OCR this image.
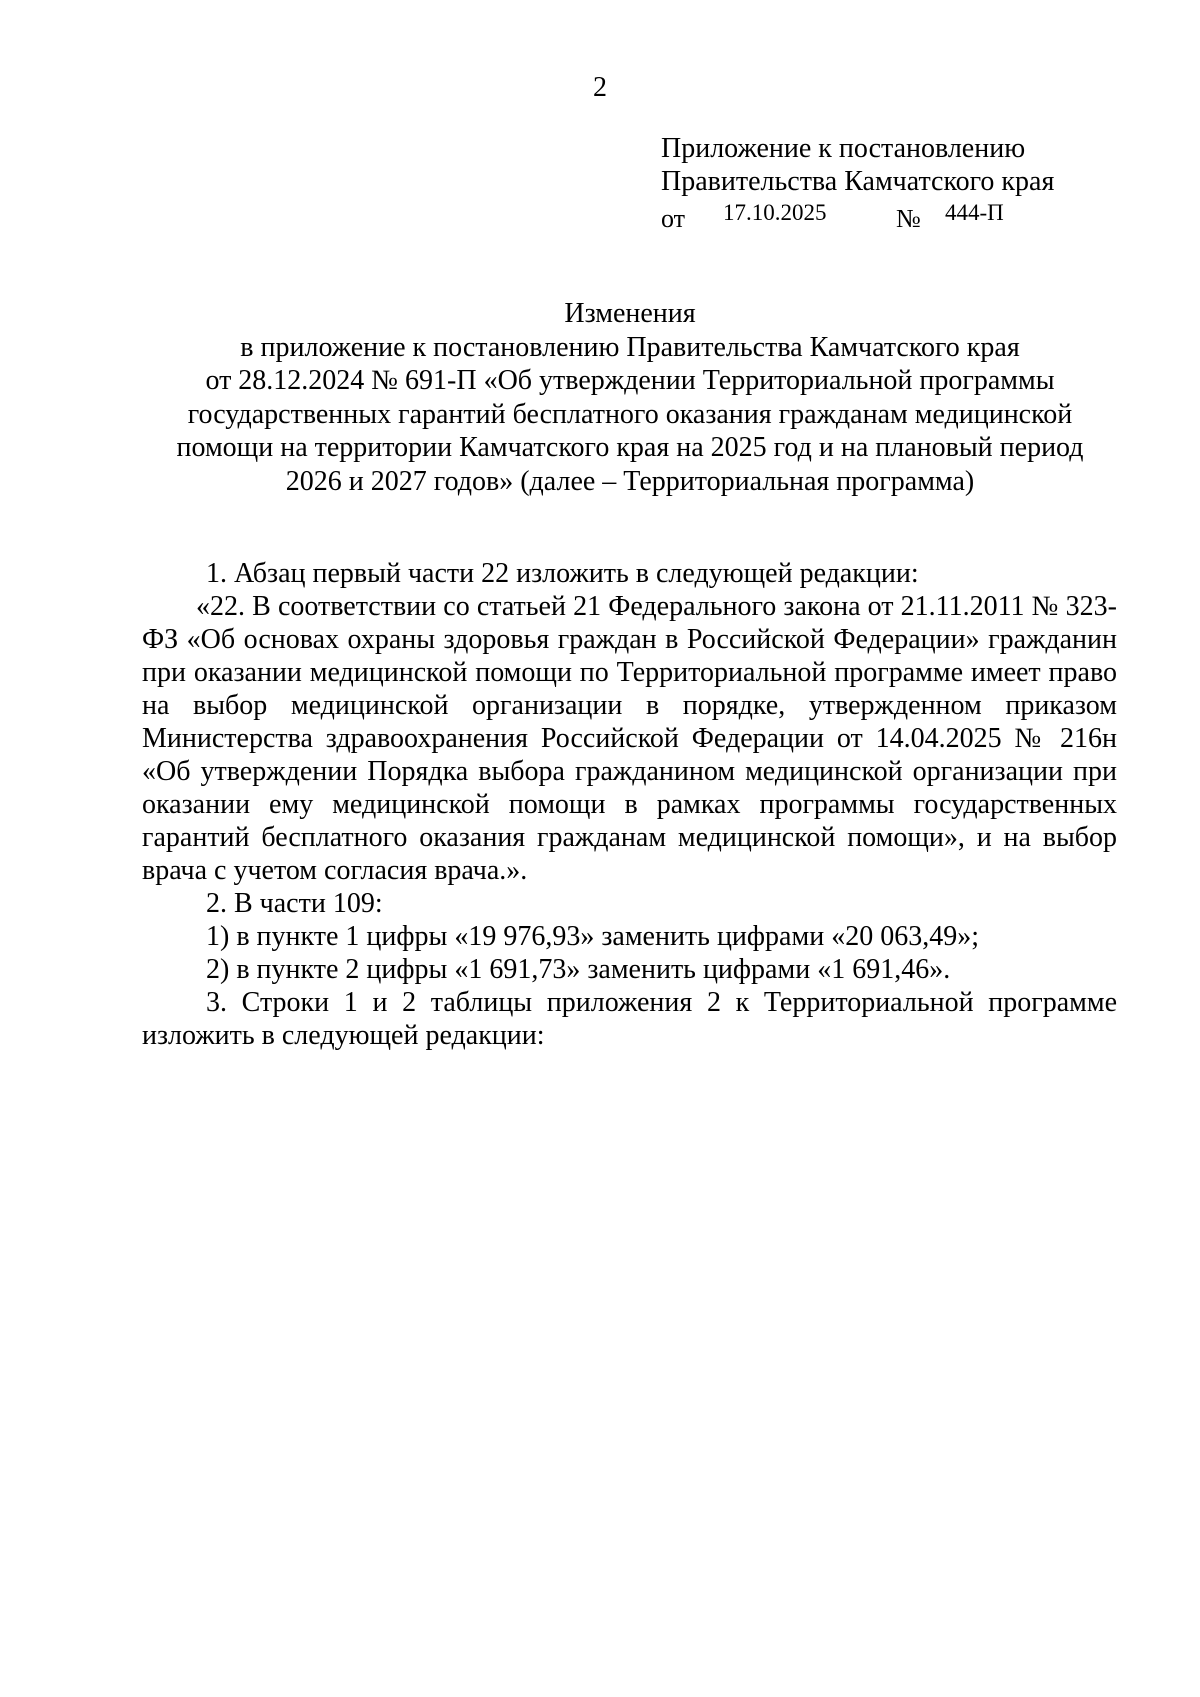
2
Приложение к постановлению
Правительства Камчатского края
от 17.10.2025	№ 444-П
Изменения
в приложение к постановлению Правительства Камчатского края
от 28.12.2024 № 691-П «Об утверждении Территориальной программы
государственных гарантий бесплатного оказания гражданам медицинской
помощи на территории Камчатского края на 2025 год и на плановый период
2026 и 2027 годов» (далее – Территориальная программа)

1. Абзац первый части 22 изложить в следующей редакции:

«22. В соответствии со статьей 21 Федерального закона от 21.11.2011 № 323-ФЗ «Об основах охраны здоровья граждан в Российской Федерации» гражданин при оказании медицинской помощи по Территориальной программе имеет право на выбор медицинской организации в порядке, утвержденном приказом Министерства здравоохранения Российской Федерации от 14.04.2025 № 216н «Об утверждении Порядка выбора гражданином медицинской организации при оказании ему медицинской помощи в рамках программы государственных гарантий бесплатного оказания гражданам медицинской помощи», и на выбор врача с учетом согласия врача.».

2. В части 109:

1) в пункте 1 цифры «19 976,93» заменить цифрами «20 063,49»;

2) в пункте 2 цифры «1 691,73» заменить цифрами «1 691,46».

3. Строки 1 и 2 таблицы приложения 2 к Территориальной программе изложить в следующей редакции:
